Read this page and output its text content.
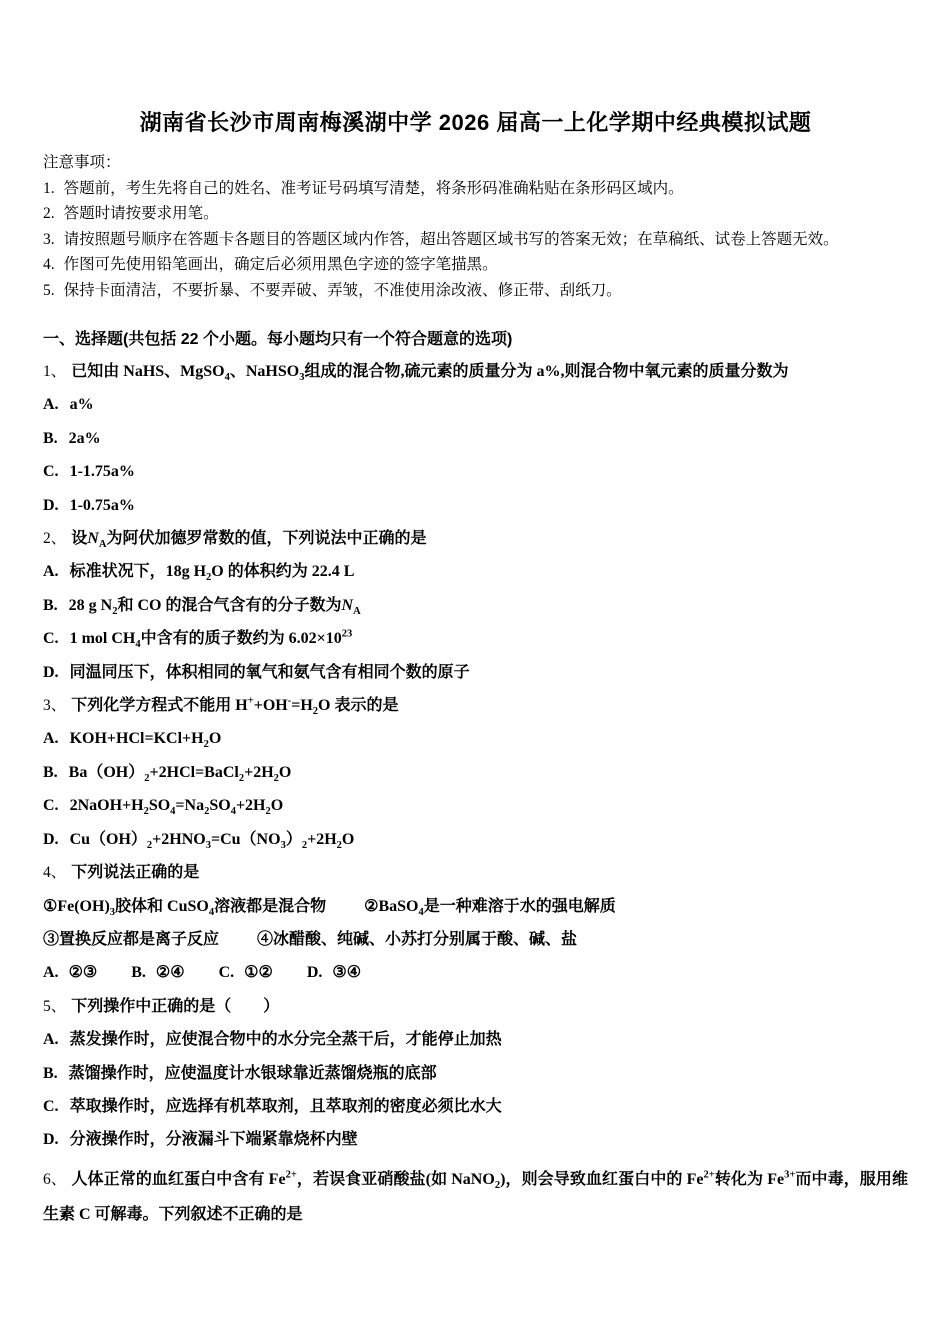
湖南省长沙市周南梅溪湖中学 2026 届高一上化学期中经典模拟试题
注意事项：
1. 答题前，考生先将自己的姓名、准考证号码填写清楚，将条形码准确粘贴在条形码区域内。
2. 答题时请按要求用笔。
3. 请按照题号顺序在答题卡各题目的答题区域内作答，超出答题区域书写的答案无效；在草稿纸、试卷上答题无效。
4. 作图可先使用铅笔画出，确定后必须用黑色字迹的签字笔描黑。
5. 保持卡面清洁，不要折暴、不要弄破、弄皱，不准使用涂改液、修正带、刮纸刀。
一、选择题(共包括 22 个小题。每小题均只有一个符合题意的选项)
1、 已知由 NaHS、MgSO$_4$、NaHSO$_3$组成的混合物,硫元素的质量分为 a%,则混合物中氧元素的质量分数为
A. a%
B. 2a%
C. 1-1.75a%
D. 1-0.75a%
2、 设$N_A$为阿伏加德罗常数的值，下列说法中正确的是
A. 标准状况下，18g $H_2O$ 的体积约为 22.4 L
B. 28 g $N_2$和 CO 的混合气含有的分子数为$N_A$
C. 1 mol $CH_4$中含有的质子数约为 $6.02\times 10^{23}$
D. 同温同压下，体积相同的氧气和氨气含有相同个数的原子
3、 下列化学方程式不能用 $H^++OH^-=H_2O$ 表示的是
A. $KOH+HCl=KCl+H_2O$
B. $Ba(OH)_2+2HCl=BaCl_2+2H_2O$
C. $2NaOH+H_2SO_4=Na_2SO_4+2H_2O$
D. $Cu(OH)_2+2HNO_3=Cu(NO_3)_2+2H_2O$
4、 下列说法正确的是
$①Fe(OH)_3$胶体和 CuSO$_4$溶液都是混合物 ②BaSO$_4$是一种难溶于水的强电解质
③置换反应都是离子反应 ④冰醋酸、纯碱、小苏打分别属于酸、碱、盐
A. ②③ B. ②④ C. ①② D. ③④
5、 下列操作中正确的是（　　）
A. 蒸发操作时，应使混合物中的水分完全蒸干后，才能停止加热
B. 蒸馏操作时，应使温度计水银球靠近蒸馏烧瓶的底部
C. 萃取操作时，应选择有机萃取剂，且萃取剂的密度必须比水大
D. 分液操作时，分液漏斗下端紧靠烧杯内壁
6、 人体正常的血红蛋白中含有 $Fe^{2+}$，若误食亚硝酸盐(如 NaNO$_2$)，则会导致血红蛋白中的 $Fe^{2+}$转化为 $Fe^{3+}$而中毒，服用维生素 C 可解毒。下列叙述不正确的是
